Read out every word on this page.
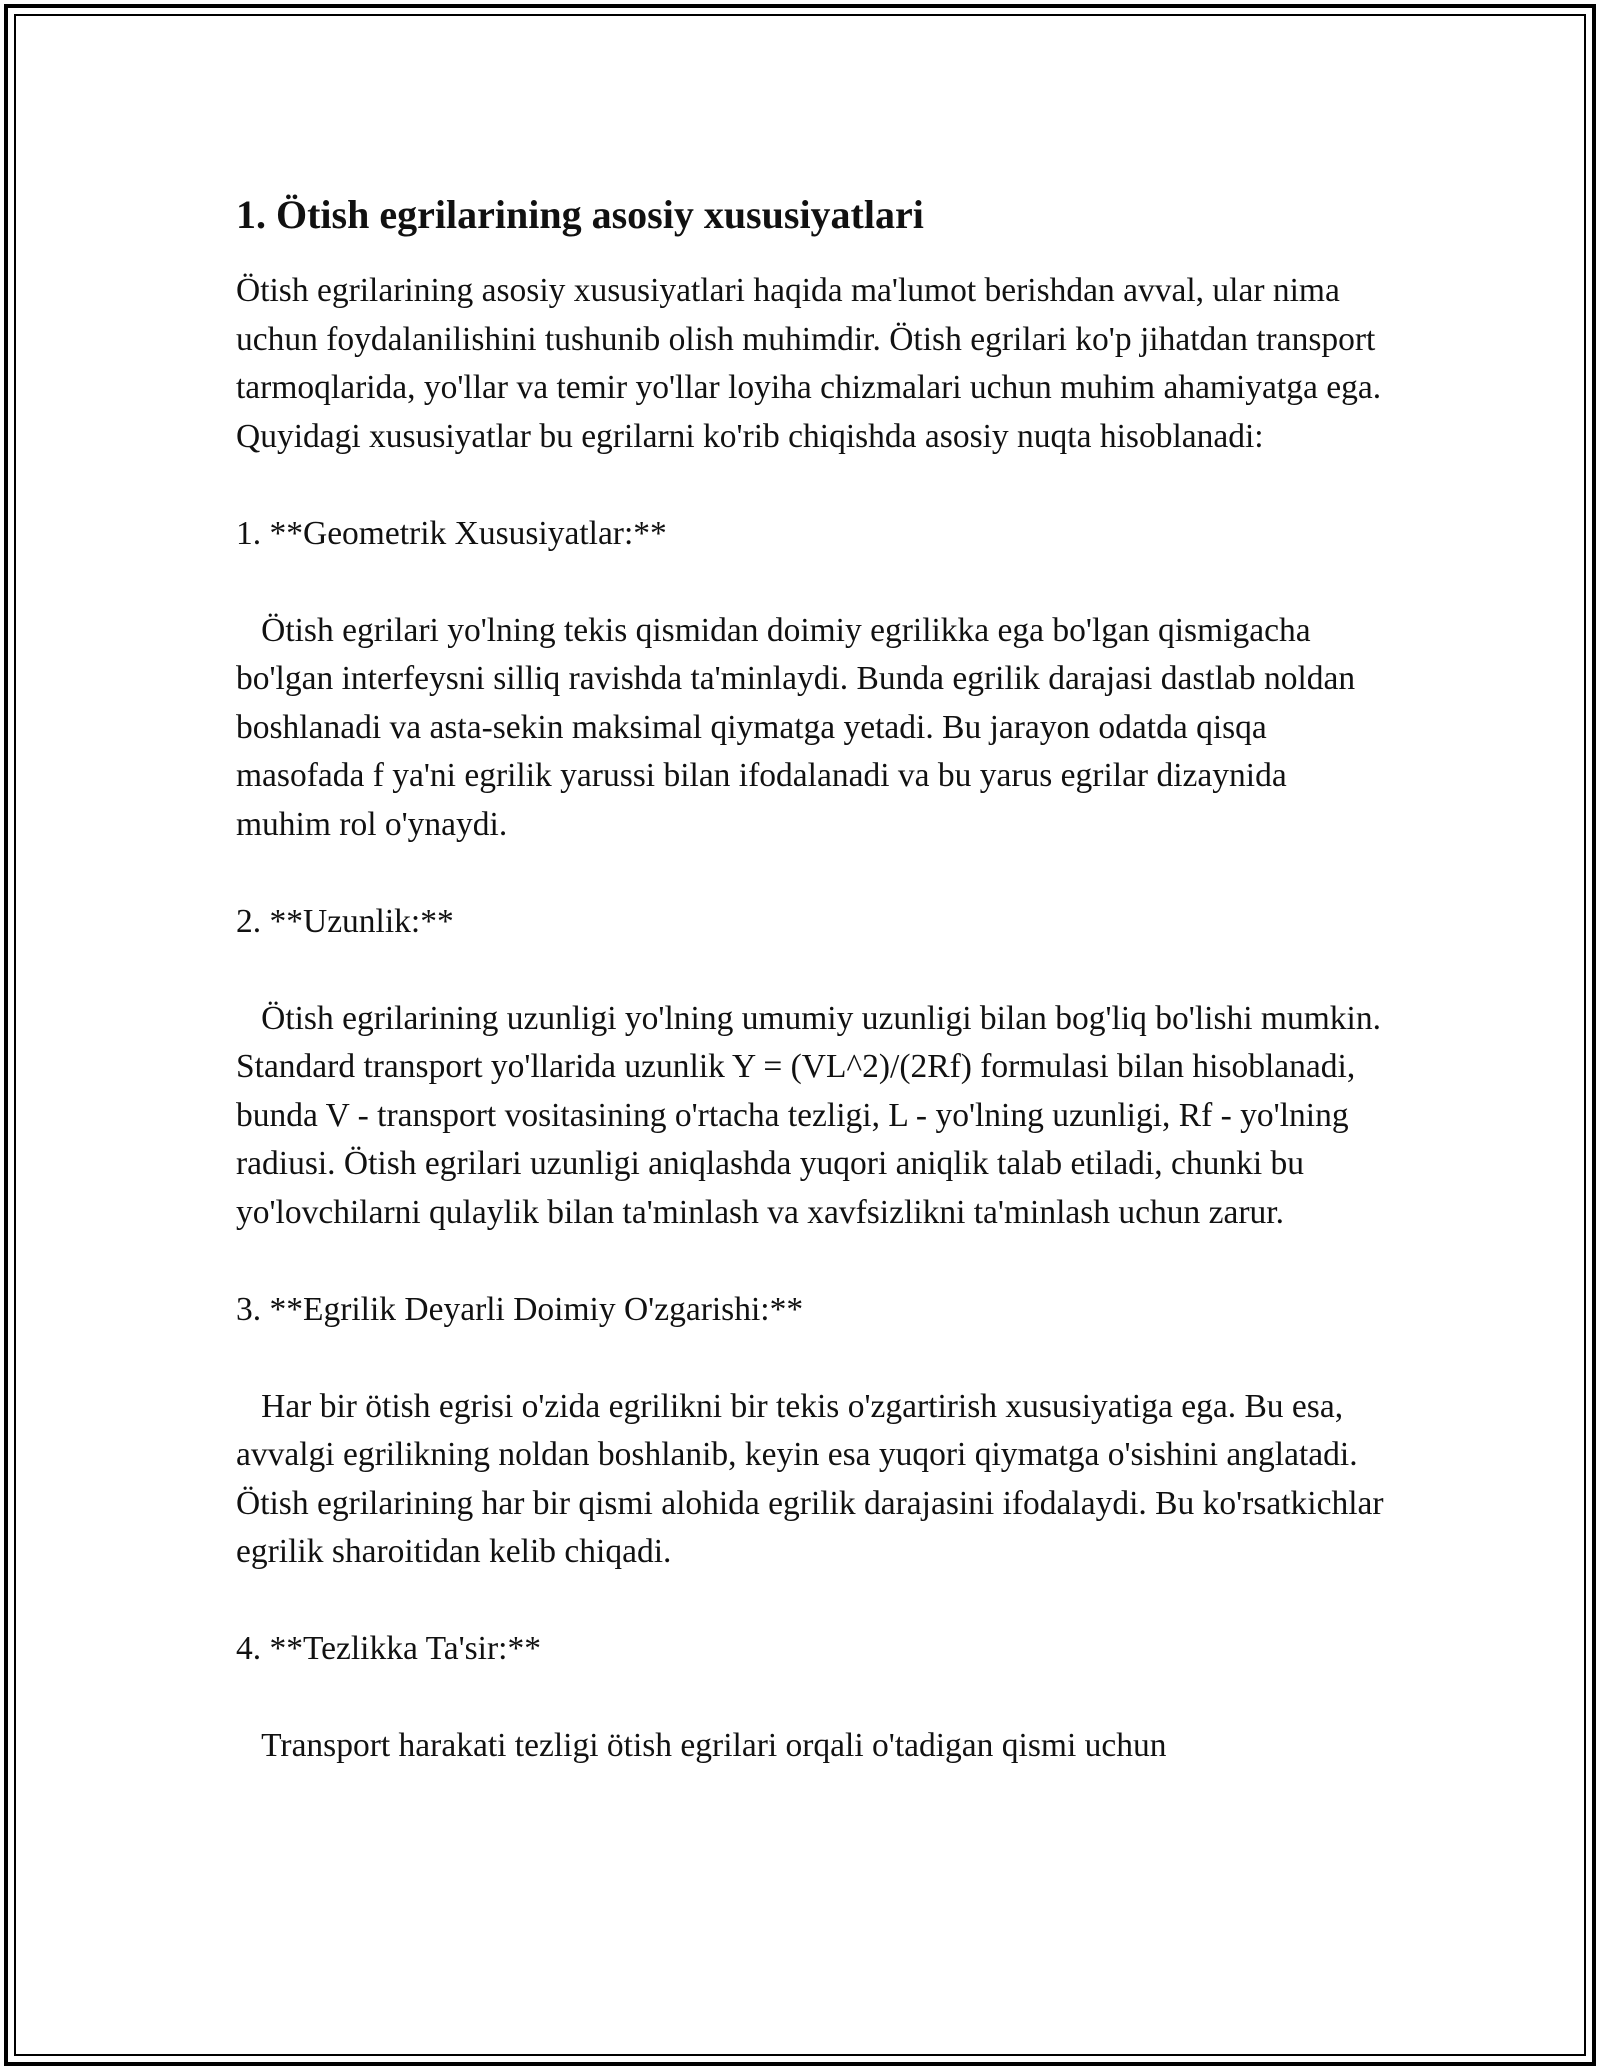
1. Ötish egrilarining asosiy xususiyatlari

Ötish egrilarining asosiy xususiyatlari haqida ma'lumot berishdan avval, ular nima uchun foydalanilishini tushunib olish muhimdir. Ötish egrilari ko'p jihatdan transport tarmoqlarida, yo'llar va temir yo'llar loyiha chizmalari uchun muhim ahamiyatga ega. Quyidagi xususiyatlar bu egrilarni ko'rib chiqishda asosiy nuqta hisoblanadi:

1. **Geometrik Xususiyatlar:**

Ötish egrilari yo'lning tekis qismidan doimiy egrilikka ega bo'lgan qismigacha bo'lgan interfeysni silliq ravishda ta'minlaydi. Bunda egrilik darajasi dastlab noldan boshlanadi va asta-sekin maksimal qiymatga yetadi. Bu jarayon odatda qisqa masofada f ya'ni egrilik yarussi bilan ifodalanadi va bu yarus egrilar dizaynida muhim rol o'ynaydi.

2. **Uzunlik:**

Ötish egrilarining uzunligi yo'lning umumiy uzunligi bilan bog'liq bo'lishi mumkin. Standard transport yo'llarida uzunlik Y = (VL^2)/(2Rf) formulasi bilan hisoblanadi, bunda V - transport vositasining o'rtacha tezligi, L - yo'lning uzunligi, Rf - yo'lning radiusi. Ötish egrilari uzunligi aniqlashda yuqori aniqlik talab etiladi, chunki bu yo'lovchilarni qulaylik bilan ta'minlash va xavfsizlikni ta'minlash uchun zarur.

3. **Egrilik Deyarli Doimiy O'zgarishi:**

Har bir ötish egrisi o'zida egrilikni bir tekis o'zgartirish xususiyatiga ega. Bu esa, avvalgi egrilikning noldan boshlanib, keyin esa yuqori qiymatga o'sishini anglatadi. Ötish egrilarining har bir qismi alohida egrilik darajasini ifodalaydi. Bu ko'rsatkichlar egrilik sharoitidan kelib chiqadi.

4. **Tezlikka Ta'sir:**

Transport harakati tezligi ötish egrilari orqali o'tadigan qismi uchun
